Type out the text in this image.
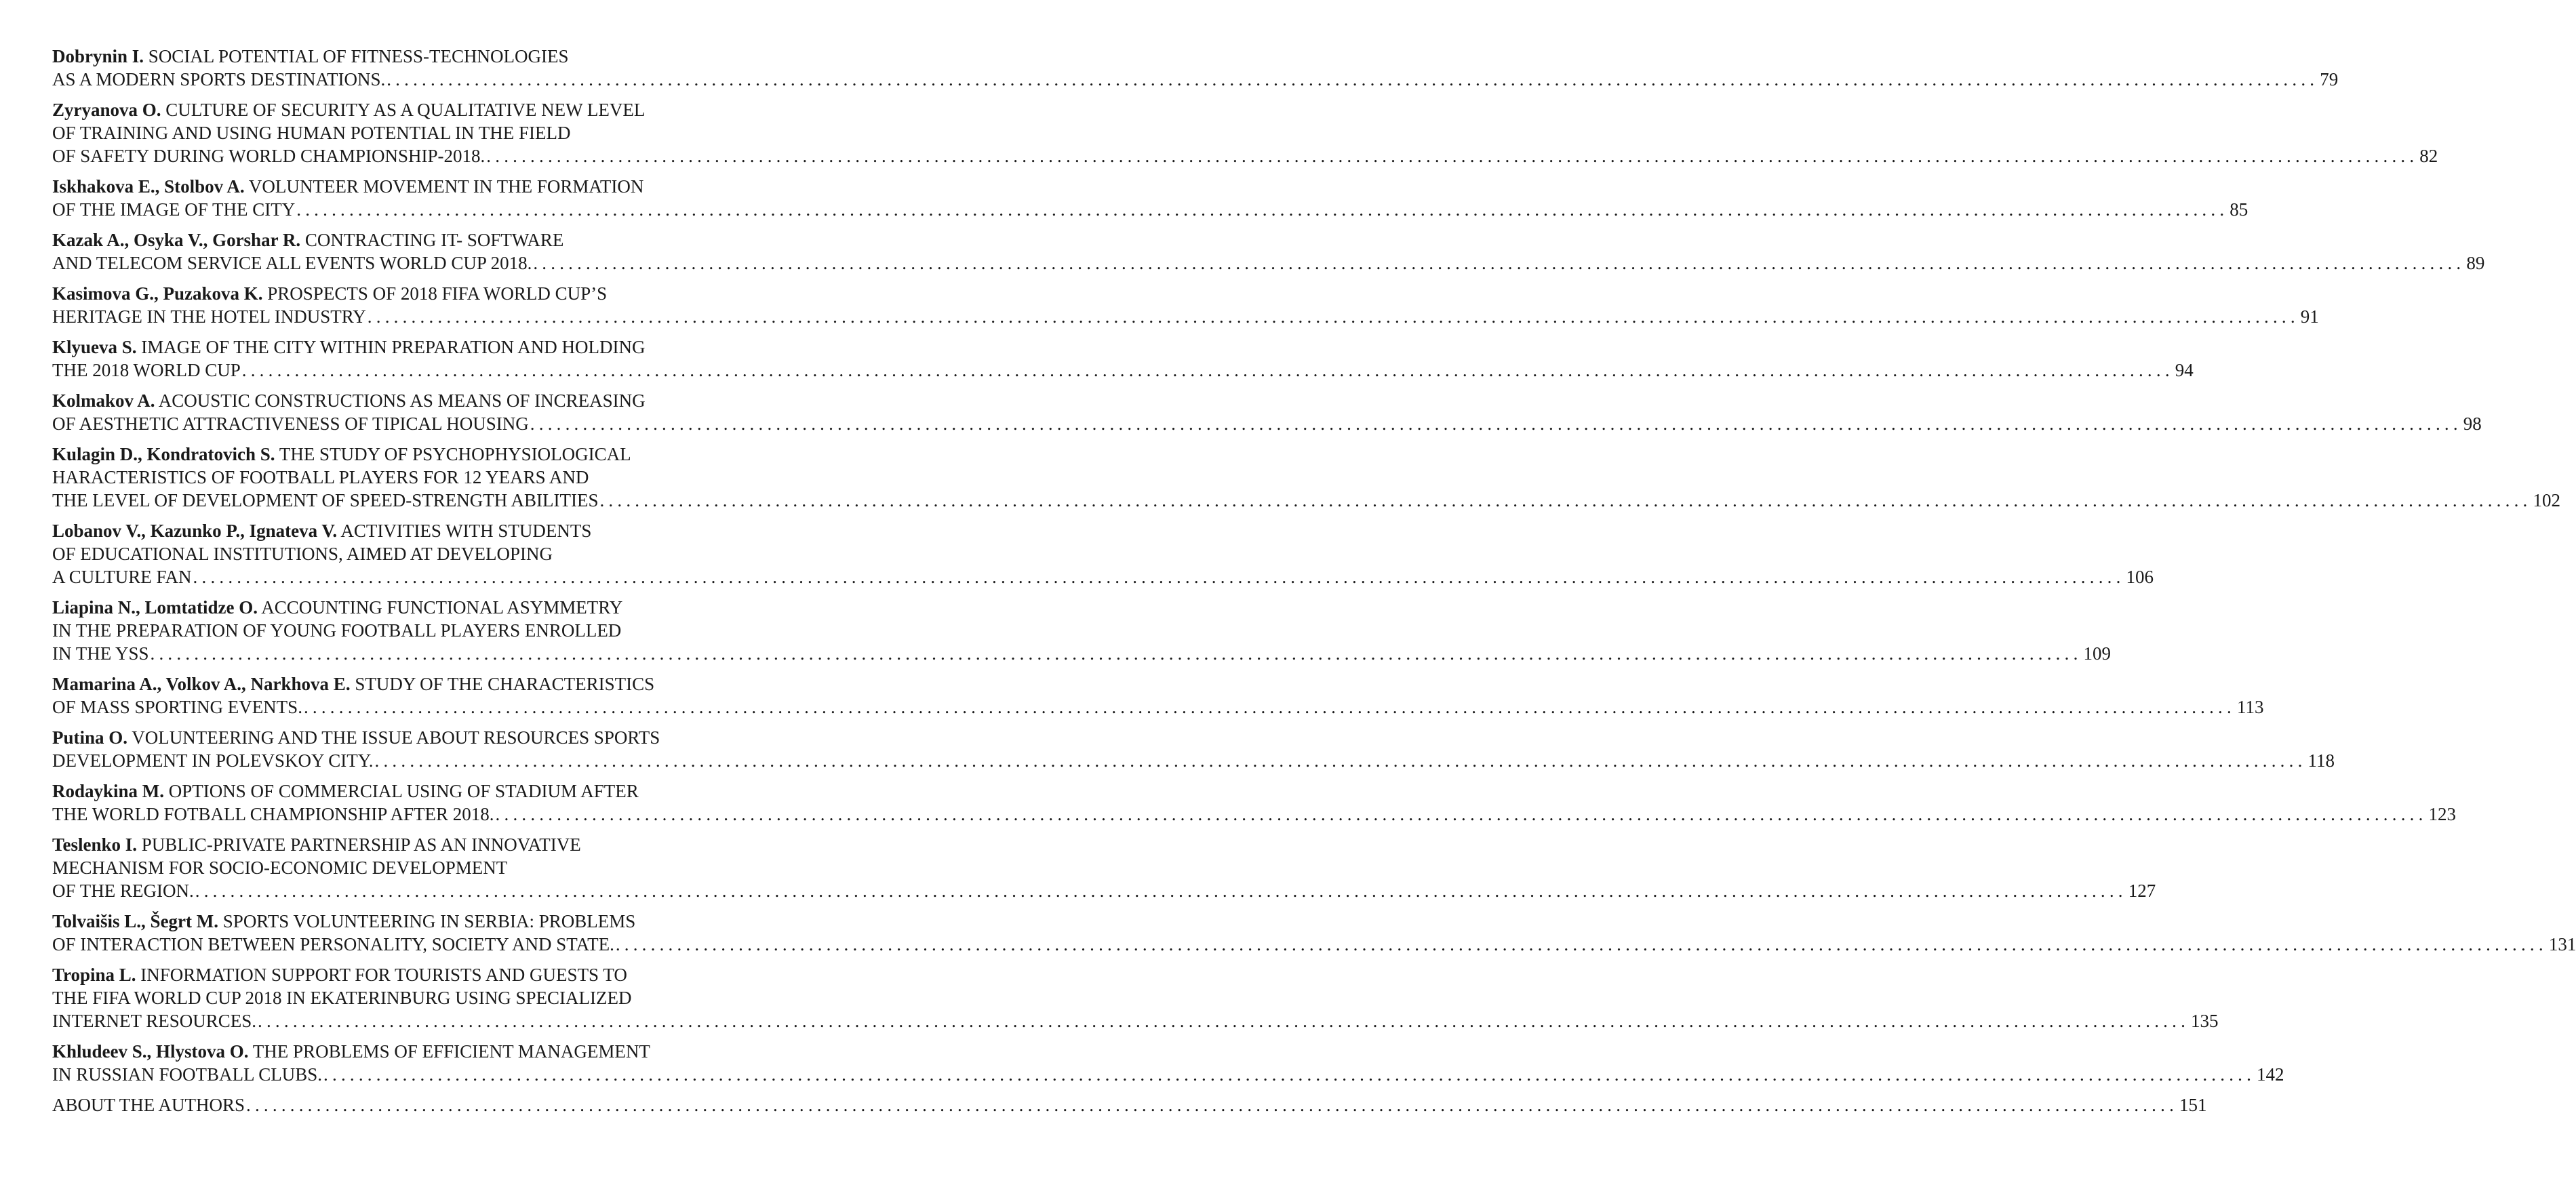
Dobrynin I. SOCIAL POTENTIAL OF FITNESS-TECHNOLOGIES
AS A MODERN SPORTS DESTINATIONS. ............................................................................................................................................................................................................................ 79
Zyryanova O. CULTURE OF SECURITY AS A QUALITATIVE NEW LEVEL
OF TRAINING AND USING HUMAN POTENTIAL IN THE FIELD
OF SAFETY DURING WORLD CHAMPIONSHIP-2018. ............................................................................................................................................................................................................................ 82
Iskhakova E., Stolbov A. VOLUNTEER MOVEMENT IN THE FORMATION
OF THE IMAGE OF THE CITY ............................................................................................................................................................................................................................ 85
Kazak A., Osyka V., Gorshar R. CONTRACTING IT- SOFTWARE
AND TELECOM SERVICE ALL EVENTS WORLD CUP 2018. ............................................................................................................................................................................................................................ 89
Kasimova G., Puzakova K. PROSPECTS OF 2018 FIFA WORLD CUP’S
HERITAGE IN THE HOTEL INDUSTRY ............................................................................................................................................................................................................................ 91
Klyueva S. IMAGE OF THE CITY WITHIN PREPARATION AND HOLDING
THE 2018 WORLD CUP ............................................................................................................................................................................................................................ 94
Kolmakov A. ACOUSTIC CONSTRUCTIONS AS MEANS OF INCREASING
OF AESTHETIC ATTRACTIVENESS OF TIPICAL HOUSING ............................................................................................................................................................................................................................ 98
Kulagin D., Kondratovich S. THE STUDY OF PSYCHOPHYSIOLOGICAL
HARACTERISTICS OF FOOTBALL PLAYERS FOR 12 YEARS AND
THE LEVEL OF DEVELOPMENT OF SPEED-STRENGTH ABILITIES ............................................................................................................................................................................................................................ 102
Lobanov V., Kazunko P., Ignateva V. ACTIVITIES WITH STUDENTS
OF EDUCATIONAL INSTITUTIONS, AIMED AT DEVELOPING
A CULTURE FAN ............................................................................................................................................................................................................................ 106
Liapina N., Lomtatidze O. ACCOUNTING FUNCTIONAL ASYMMETRY
IN THE PREPARATION OF YOUNG FOOTBALL PLAYERS ENROLLED
IN THE YSS ............................................................................................................................................................................................................................ 109
Mamarina A., Volkov A., Narkhova E. STUDY OF THE CHARACTERISTICS
OF MASS SPORTING EVENTS. ............................................................................................................................................................................................................................ 113
Putina O. VOLUNTEERING AND THE ISSUE ABOUT RESOURCES SPORTS
DEVELOPMENT IN POLEVSKOY CITY. ............................................................................................................................................................................................................................ 118
Rodaykina M. OPTIONS OF COMMERCIAL USING OF STADIUM AFTER
THE WORLD FOTBALL CHAMPIONSHIP AFTER 2018. ............................................................................................................................................................................................................................ 123
Teslenko I. PUBLIC-PRIVATE PARTNERSHIP AS AN INNOVATIVE
MECHANISM FOR SOCIO-ECONOMIC DEVELOPMENT
OF THE REGION. ............................................................................................................................................................................................................................ 127
Tolvaišis L., Šegrt M. SPORTS VOLUNTEERING IN SERBIA: PROBLEMS
OF INTERACTION BETWEEN PERSONALITY, SOCIETY AND STATE. ............................................................................................................................................................................................................................ 131
Tropina L. INFORMATION SUPPORT FOR TOURISTS AND GUESTS TO
THE FIFA WORLD CUP 2018 IN EKATERINBURG USING SPECIALIZED
INTERNET RESOURCES. ............................................................................................................................................................................................................................ 135
Khludeev S., Hlystova O. THE PROBLEMS OF EFFICIENT MANAGEMENT
IN RUSSIAN FOOTBALL CLUBS. ............................................................................................................................................................................................................................ 142
ABOUT THE AUTHORS ............................................................................................................................................................................................................................ 151
